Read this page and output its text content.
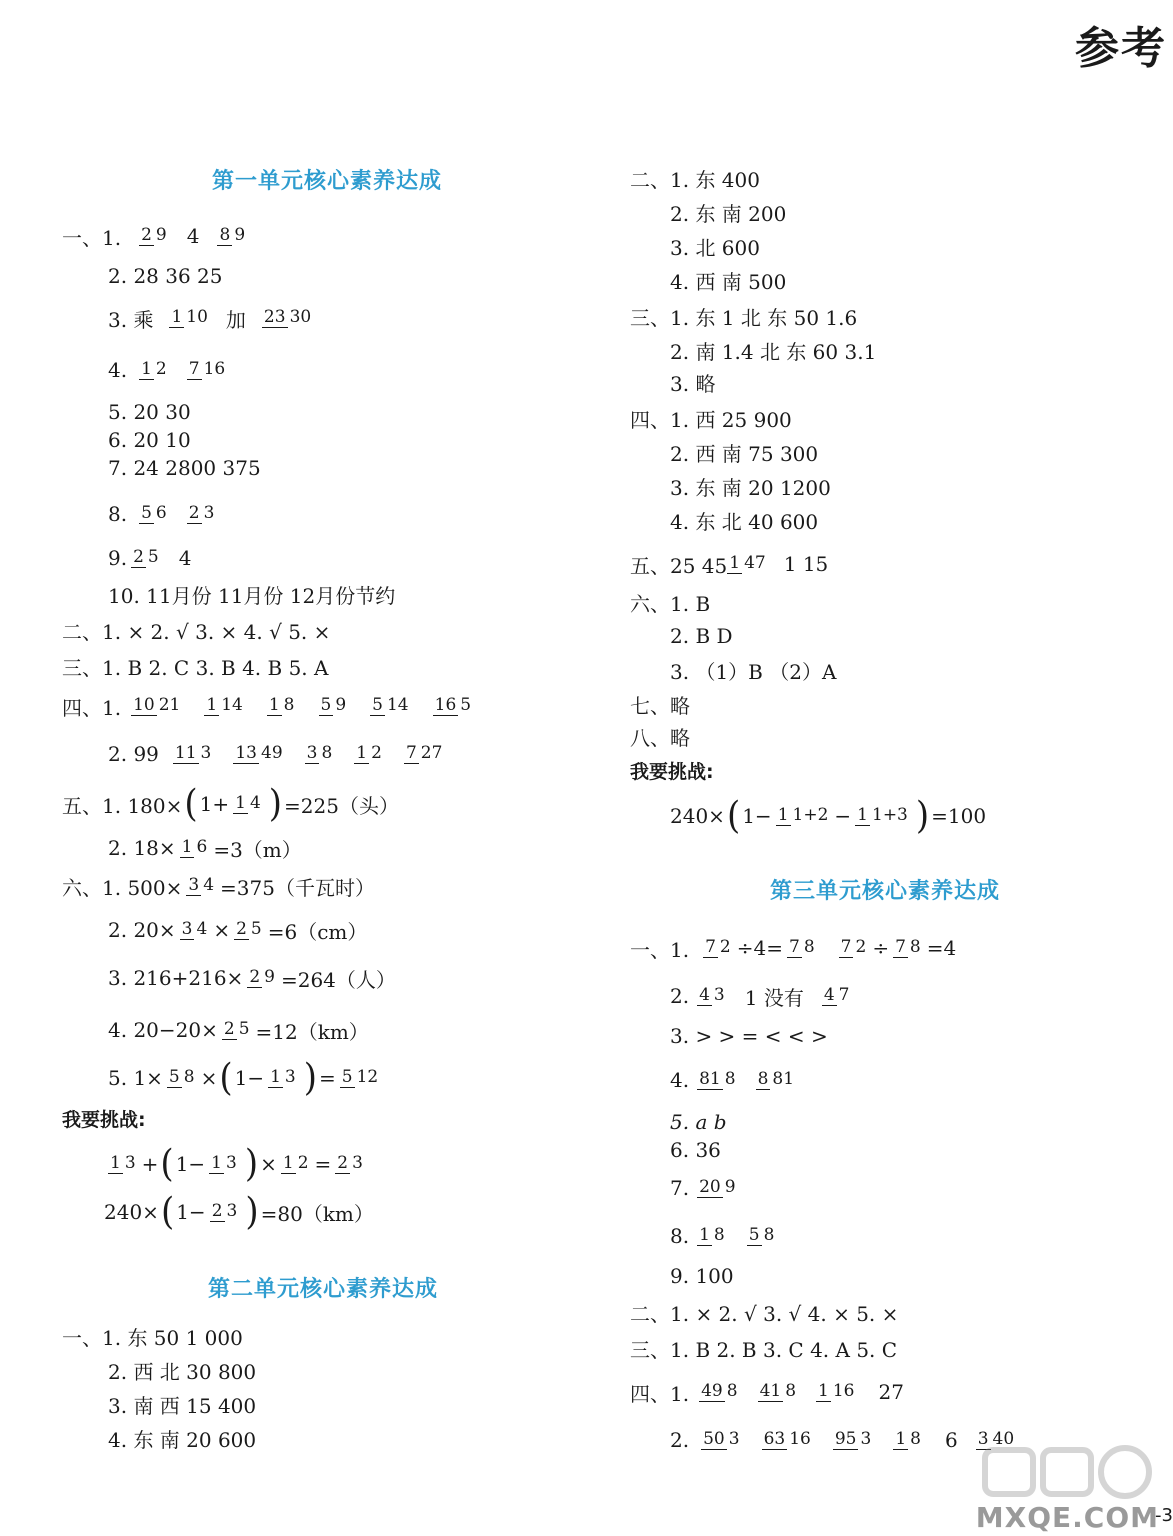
参考
第一单元核心素养达成
一、1. 2 9 4 8 9
2. 28 36 25
3. 乘 1 10 加 23 30
4. 1 2 7 16
5. 20 30
6. 20 10
7. 24 2800 375
8. 5 6 2 3
9. 2 5 4
10. 11月份 11月份 12月份节约
二、1. × 2. √ 3. × 4. √ 5. ×
三、1. B 2. C 3. B 4. B 5. A
四、1. 10 21 1 14 1 8 5 9 5 14 16 5
2. 99 11 3 13 49 3 8 1 2 7 27
五、1. 180× ( 1+ 1 4 ) =225（头）
2. 18× 1 6 =3（m）
六、1. 500× 3 4 =375（千瓦时）
2. 20× 3 4 × 2 5 =6（cm）
3. 216+216× 2 9 =264（人）
4. 20−20× 2 5 =12（km）
5. 1× 5 8 × ( 1− 1 3 ) = 5 12
我要挑战:
1 3 + ( 1− 1 3 ) × 1 2 = 2 3
240× ( 1− 2 3 ) =80（km）
第二单元核心素养达成
一、1. 东 50 1 000
2. 西 北 30 800
3. 南 西 15 400
4. 东 南 20 600
二、1. 东 400
2. 东 南 200
3. 北 600
4. 西 南 500
三、1. 东 1 北 东 50 1.6
2. 南 1.4 北 东 60 3.1
3. 略
四、1. 西 25 900
2. 西 南 75 300
3. 东 南 20 1200
4. 东 北 40 600
五、25 45 1 47 1 15
六、1. B
2. B D
3. （1）B （2）A
七、略
八、略
我要挑战:
240× ( 1− 1 1+2 − 1 1+3 ) =100
第三单元核心素养达成
一、1. 7 2 ÷4= 7 8 7 2 ÷ 7 8 =4
2. 4 3 1 没有 4 7
3. > > = < < >
4. 81 8 8 81
5. a b
6. 36
7. 20 9
8. 1 8 5 8
9. 100
二、1. × 2. √ 3. √ 4. × 5. ×
三、1. B 2. B 3. C 4. A 5. C
四、1. 49 8 41 8 1 16 27
2. 50 3 63 16 95 3 1 8 6 3 40
MXQE.COM
-3
